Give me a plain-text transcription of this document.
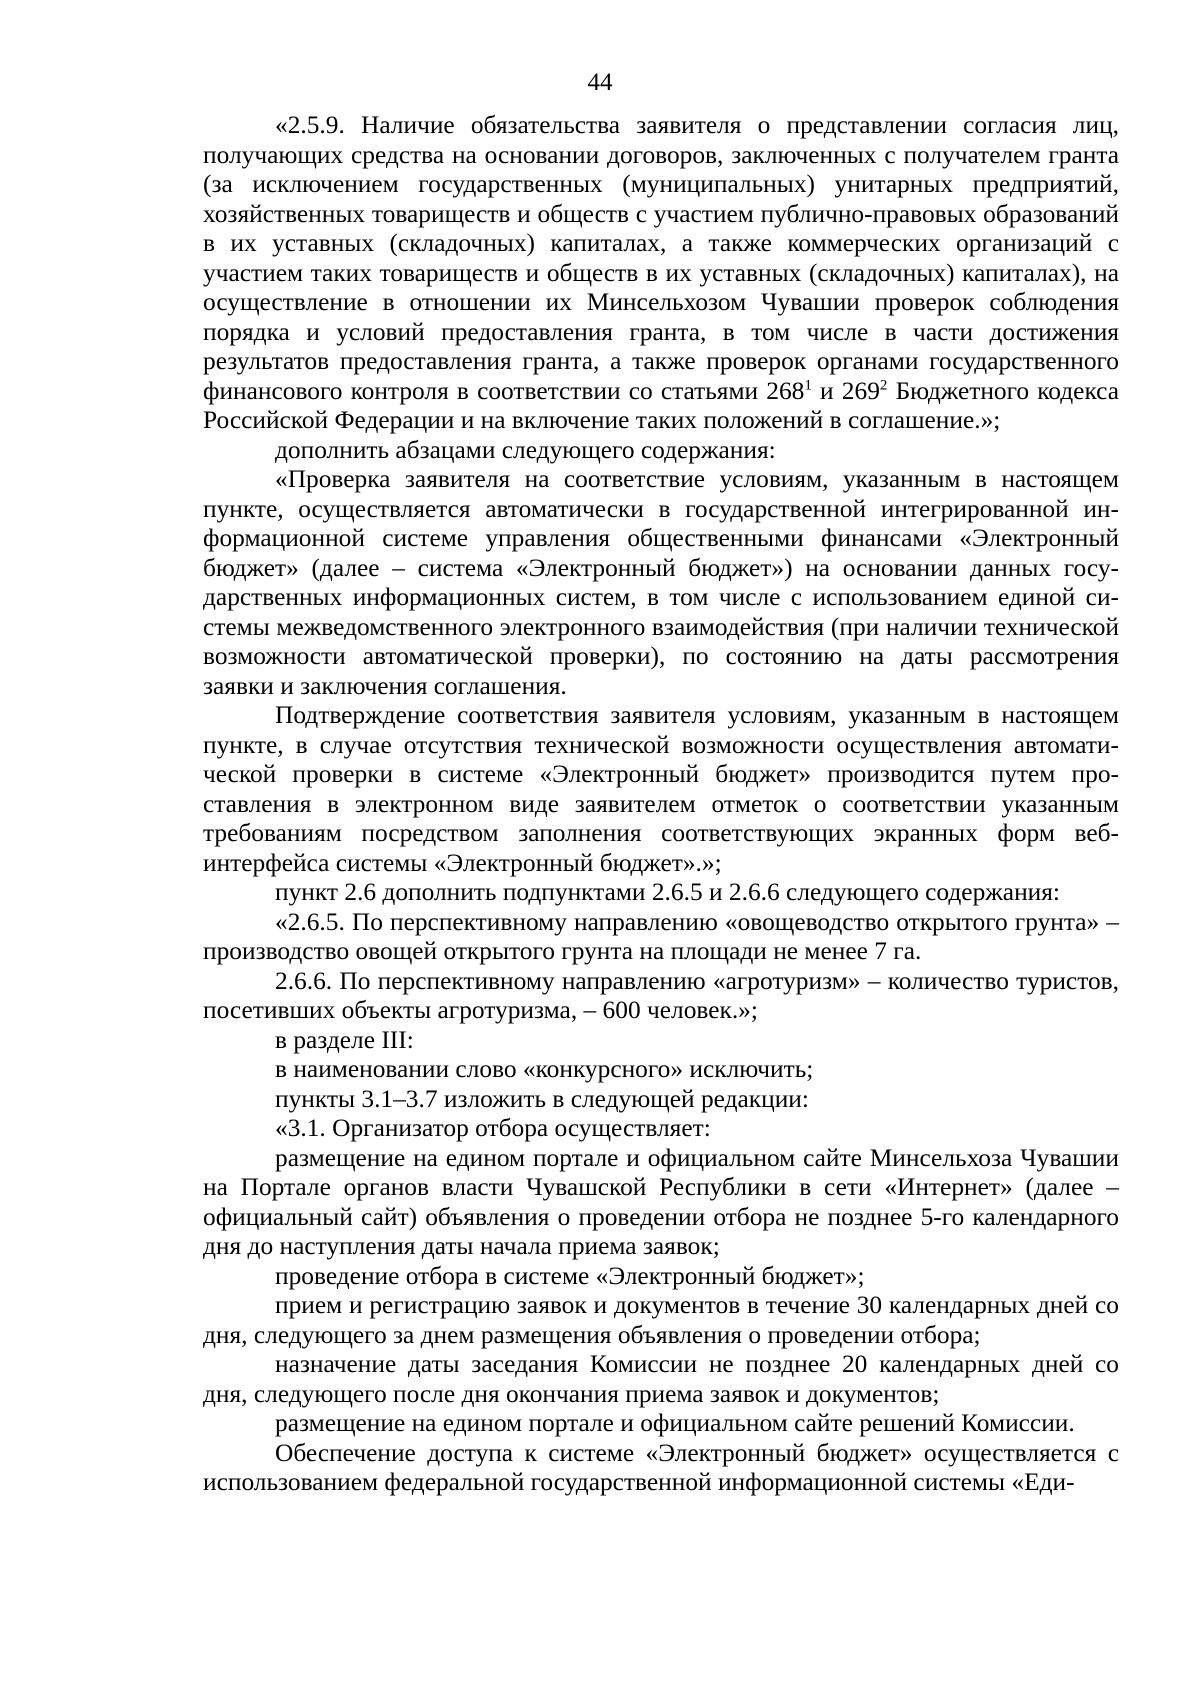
44

«2.5.9. Наличие обязательства заявителя о представлении согласия лиц, получающих средства на основании договоров, заключенных с получателем гранта (за исключением государственных (муниципальных) унитарных предприятий, хозяйственных товариществ и обществ с участием публично-правовых образований в их уставных (складочных) капиталах, а также коммерческих организаций с участием таких товариществ и обществ в их уставных (складочных) капиталах), на осуществление в отношении их Минсельхозом Чувашии проверок соблюдения порядка и условий предоставления гранта, в том числе в части достижения результатов предоставления гранта, а также проверок органами государственного финансового контроля в соответствии со статьями $268^1$ и $269^2$ Бюджетного кодекса Российской Федерации и на включение таких положений в соглашение.»;

дополнить абзацами следующего содержания:

«Проверка заявителя на соответствие условиям, указанным в настоящем пункте, осуществляется автоматически в государственной интегрированной информационной системе управления общественными финансами «Электронный бюджет» (далее – система «Электронный бюджет») на основании данных государственных информационных систем, в том числе с использованием единой системы межведомственного электронного взаимодействия (при наличии технической возможности автоматической проверки), по состоянию на даты рассмотрения заявки и заключения соглашения.

Подтверждение соответствия заявителя условиям, указанным в настоящем пункте, в случае отсутствия технической возможности осуществления автоматической проверки в системе «Электронный бюджет» производится путем проставления в электронном виде заявителем отметок о соответствии указанным требованиям посредством заполнения соответствующих экранных форм вебинтерфейса системы «Электронный бюджет».»;

пункт 2.6 дополнить подпунктами 2.6.5 и 2.6.6 следующего содержания:

«2.6.5. По перспективному направлению «овощеводство открытого грунта» – производство овощей открытого грунта на площади не менее 7 га.

2.6.6. По перспективному направлению «агротуризм» – количество туристов, посетивших объекты агротуризма, – 600 человек.»;

в разделе III:

в наименовании слово «конкурсного» исключить;

пункты 3.1–3.7 изложить в следующей редакции:

«3.1. Организатор отбора осуществляет:

размещение на едином портале и официальном сайте Минсельхоза Чувашии на Портале органов власти Чувашской Республики в сети «Интернет» (далее – официальный сайт) объявления о проведении отбора не позднее 5-го календарного дня до наступления даты начала приема заявок;

проведение отбора в системе «Электронный бюджет»;

прием и регистрацию заявок и документов в течение 30 календарных дней со дня, следующего за днем размещения объявления о проведении отбора;

назначение даты заседания Комиссии не позднее 20 календарных дней со дня, следующего после дня окончания приема заявок и документов;

размещение на едином портале и официальном сайте решений Комиссии.

Обеспечение доступа к системе «Электронный бюджет» осуществляется с использованием федеральной государственной информационной системы «Еди-
